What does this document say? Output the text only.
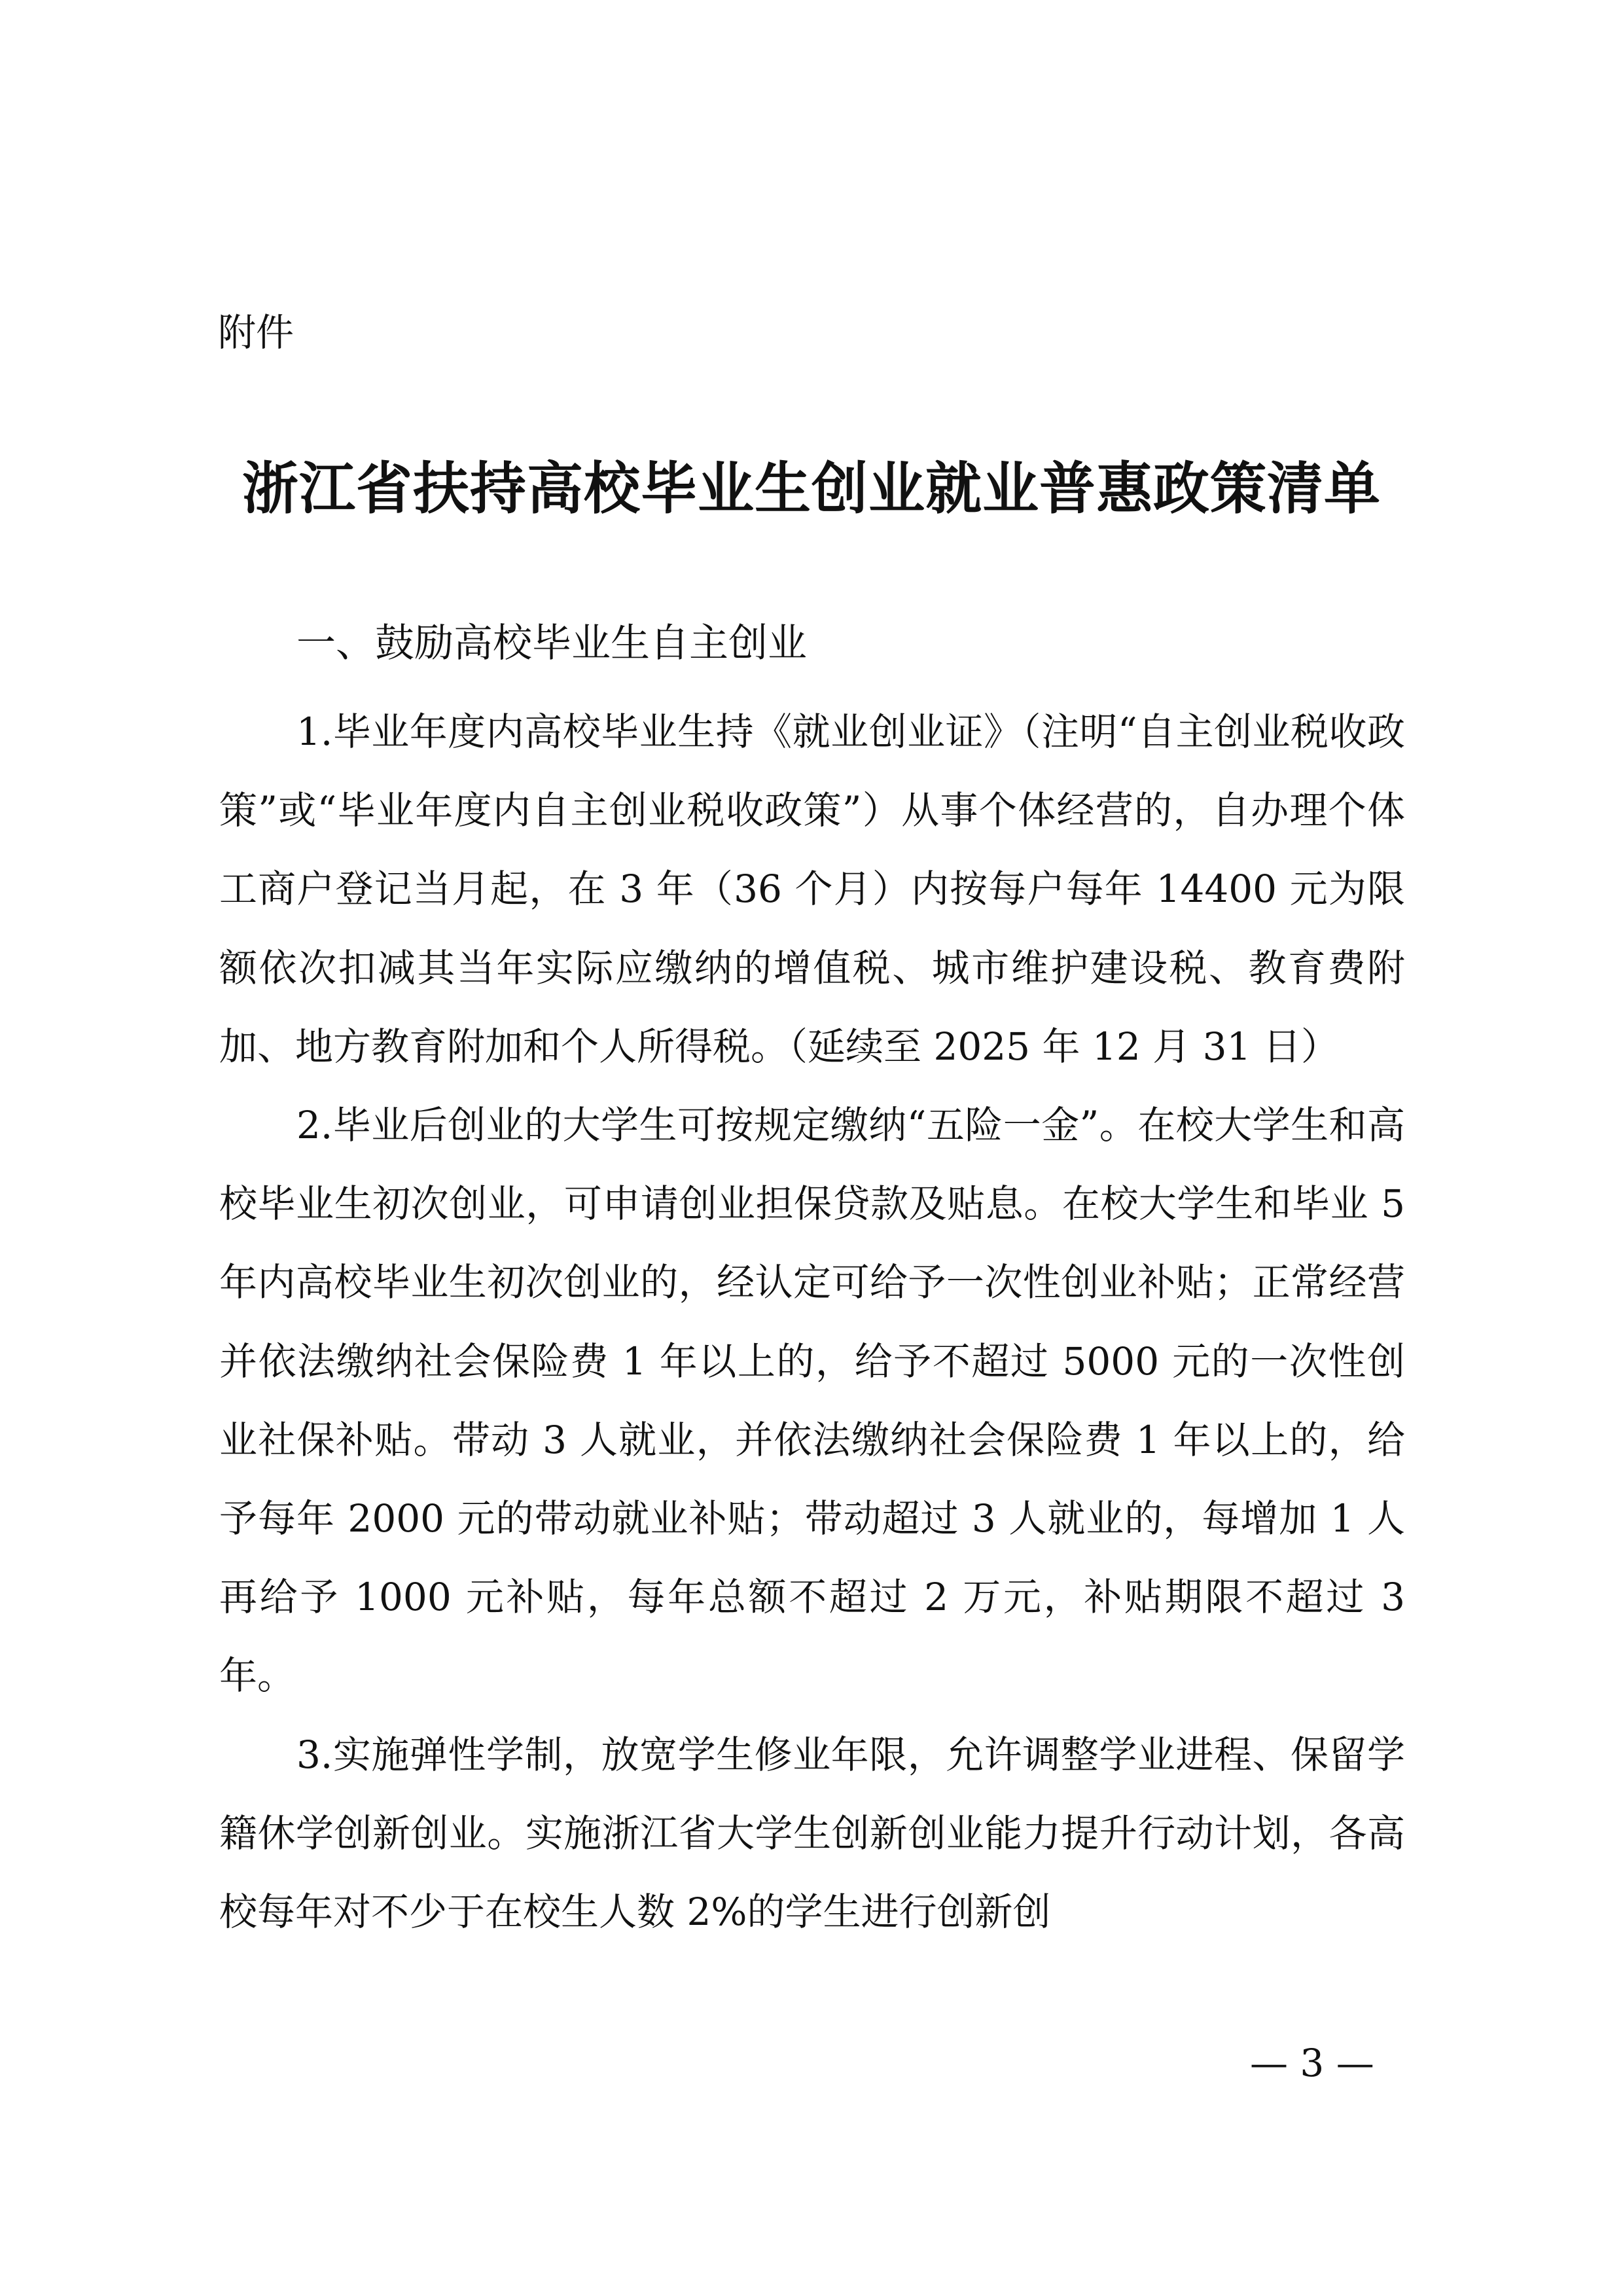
附件
浙江省扶持高校毕业生创业就业普惠政策清单
一、鼓励高校毕业生自主创业

1.毕业年度内高校毕业生持《就业创业证》（注明“自主创业税收政策”或“毕业年度内自主创业税收政策”）从事个体经营的，自办理个体工商户登记当月起，在 3 年（36 个月）内按每户每年 14400 元为限额依次扣减其当年实际应缴纳的增值税、城市维护建设税、教育费附加、地方教育附加和个人所得税。（延续至 2025 年 12 月 31 日）

2.毕业后创业的大学生可按规定缴纳“五险一金”。在校大学生和高校毕业生初次创业，可申请创业担保贷款及贴息。在校大学生和毕业 5 年内高校毕业生初次创业的，经认定可给予一次性创业补贴；正常经营并依法缴纳社会保险费 1 年以上的，给予不超过 5000 元的一次性创业社保补贴。带动 3 人就业，并依法缴纳社会保险费 1 年以上的，给予每年 2000 元的带动就业补贴；带动超过 3 人就业的，每增加 1 人再给予 1000 元补贴，每年总额不超过 2 万元，补贴期限不超过 3 年。

3.实施弹性学制，放宽学生修业年限，允许调整学业进程、保留学籍休学创新创业。实施浙江省大学生创新创业能力提升行动计划，各高校每年对不少于在校生人数 2%的学生进行创新创

— 3 —
